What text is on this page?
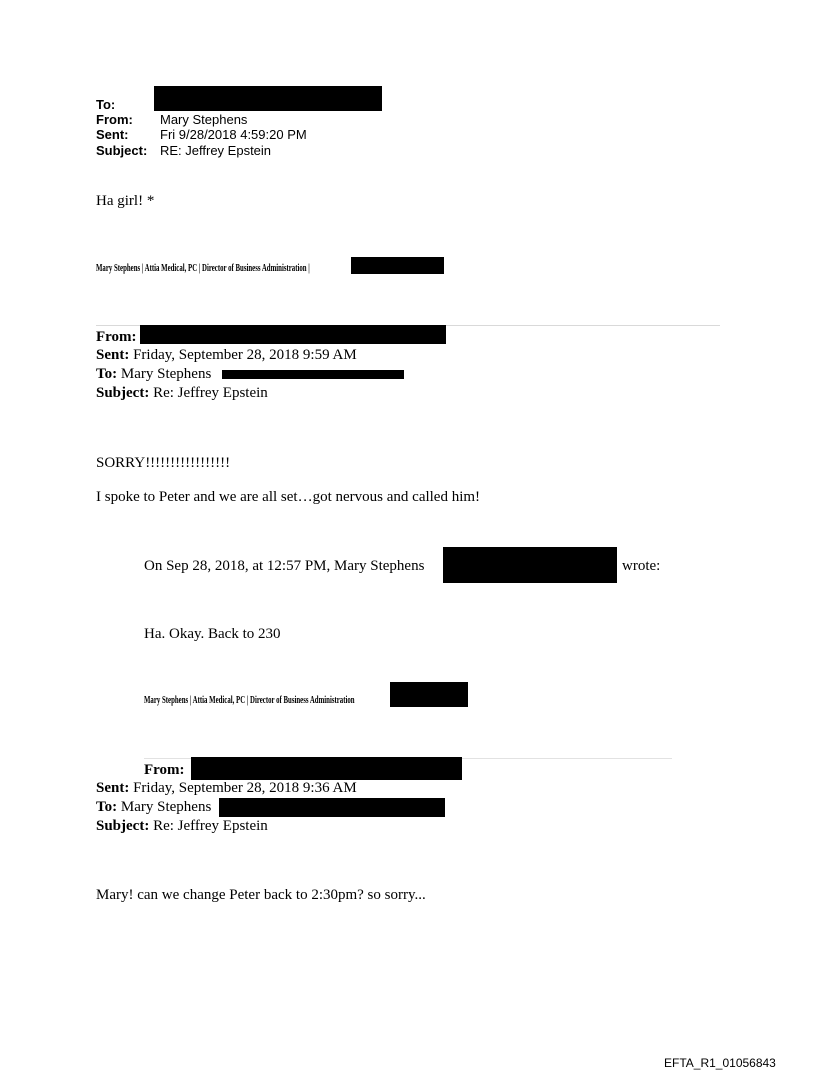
To:
From: Mary Stephens
Sent: Fri 9/28/2018 4:59:20 PM
Subject: RE: Jeffrey Epstein
Ha girl! *
Mary Stephens | Attia Medical, PC | Director of Business Administration |
From:
Sent: Friday, September 28, 2018 9:59 AM
To: Mary Stephens
Subject: Re: Jeffrey Epstein
SORRY!!!!!!!!!!!!!!!!!
I spoke to Peter and we are all set…got nervous and called him!
On Sep 28, 2018, at 12:57 PM, Mary Stephens	wrote:
Ha. Okay. Back to 230
Mary Stephens | Attia Medical, PC | Director of Business Administration
From:
Sent: Friday, September 28, 2018 9:36 AM
To: Mary Stephens
Subject: Re: Jeffrey Epstein
Mary! can we change Peter back to 2:30pm? so sorry...
EFTA_R1_01056843
